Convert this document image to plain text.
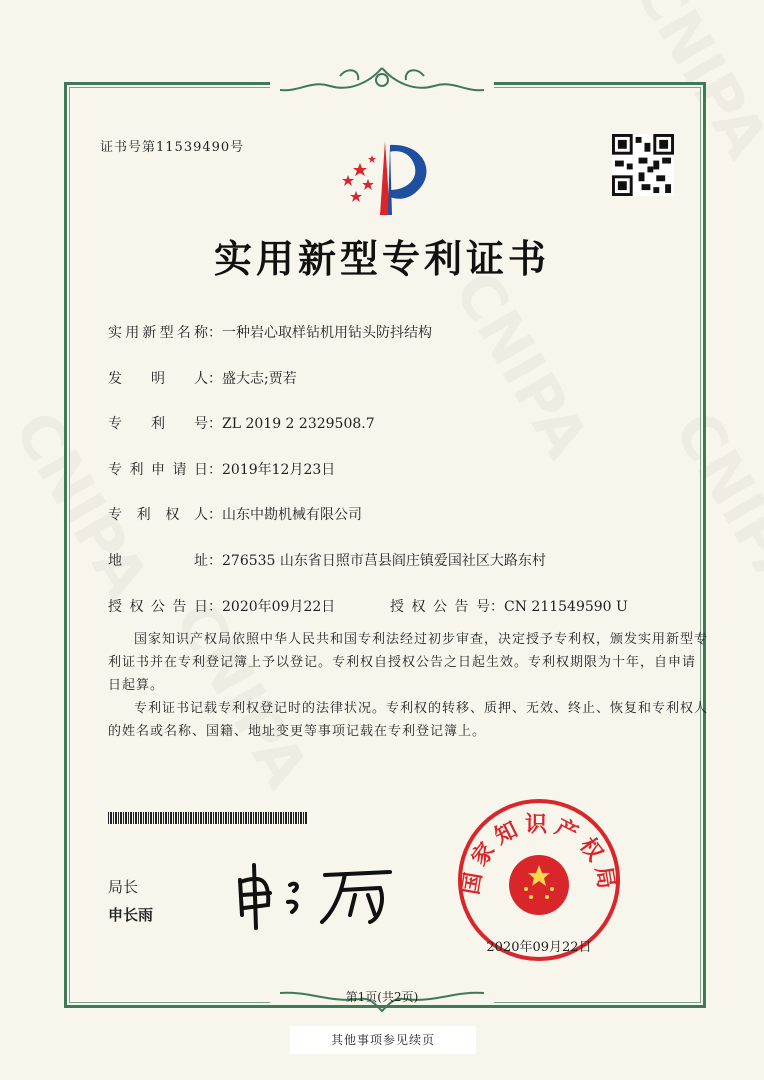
证书号第11539490号
实用新型专利证书
实用新型名称：一种岩心取样钻机用钻头防抖结构
发明人：盛大志;贾若
专利号：ZL 2019 2 2329508.7
专利申请日：2019年12月23日
专利权人：山东中勘机械有限公司
地址：276535 山东省日照市莒县阎庄镇爱国社区大路东村
授权公告日：2020年09月22日	授权公告号：CN 211549590 U

国家知识产权局依照中华人民共和国专利法经过初步审查，决定授予专利权，颁发实用新型专利证书并在专利登记簿上予以登记。专利权自授权公告之日起生效。专利权期限为十年，自申请日起算。

专利证书记载专利权登记时的法律状况。专利权的转移、质押、无效、终止、恢复和专利权人的姓名或名称、国籍、地址变更等事项记载在专利登记簿上。

局长
申长雨
国家知识产权局
2020年09月22日
第1页(共2页)
其他事项参见续页
